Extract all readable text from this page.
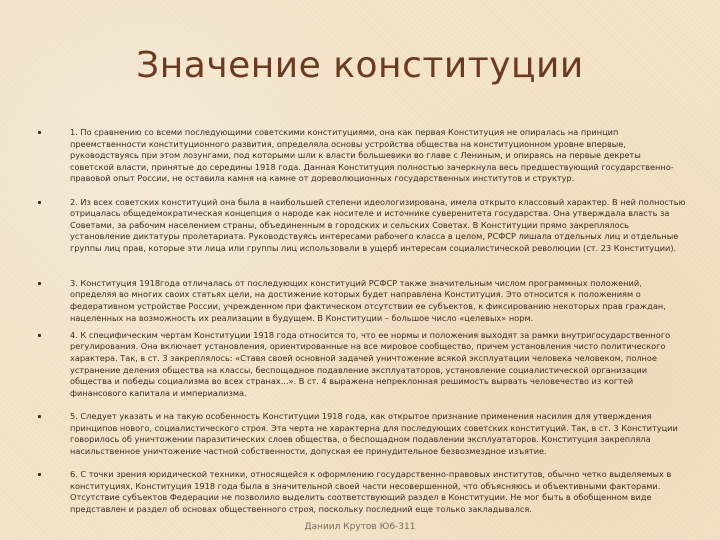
Значение конституции
1. По сравнению со всеми последующими советскими конституциями, она как первая Конституция не опиралась на принцип преемственности конституционного развития, определяла основы устройства общества на конституционном уровне впервые, руководствуясь при этом лозунгами, под которыми шли к власти большевики во главе с Лениным, и опираясь на первые декреты советской власти, принятые до середины 1918 года. Данная Конституция полностью зачеркнула весь предшествующий государственно-правовой опыт России, не оставила камня на камне от дореволюционных государственных институтов и структур.
2. Из всех советских конституций она была в наибольшей степени идеологизирована, имела открыто классовый характер. В ней полностью отрицалась общедемократическая концепция о народе как носителе и источнике суверенитета государства. Она утверждала власть за Советами, за рабочим населением страны, объединенным в городских и сельских Советах. В Конституции прямо закреплялось установление диктатуры пролетариата. Руководствуясь интересами рабочего класса в целом, РСФСР лишала отдельных лиц и отдельные группы лиц прав, которые эти лица или группы лиц использовали в ущерб интересам социалистической революции (ст. 23 Конституции).
3. Конституция 1918года отличалась от последующих конституций РСФСР также значительным числом программных положений, определяя во многих своих статьях цели, на достижение которых будет направлена Конституция. Это относится к положениям о федеративном устройстве России, учрежденном при фактическом отсутствии ее субъектов, к фиксированию некоторых прав граждан, нацеленных на возможность их реализации в будущем. В Конституции – большое число «целевых» норм.
4. К специфическим чертам Конституции 1918 года относится то, что ее нормы и положения выходят за рамки внутригосударственного регулирования. Она включает установления, ориентированные на все мировое сообщество, причем установления чисто политического характера. Так, в ст. 3 закреплялось: «Ставя своей основной задачей уничтожение всякой эксплуатации человека человеком, полное устранение деления общества на классы, беспощадное подавление эксплуататоров, установление социалистической организации общества и победы социализма во всех странах...». В ст. 4 выражена непреклонная решимость вырвать человечество из когтей финансового капитала и империализма.
5. Следует указать и на такую особенность Конституции 1918 года, как открытое признание применения насилия для утверждения принципов нового, социалистического строя. Эта черта не характерна для последующих советских конституций. Так, в ст. 3 Конституции говорилось об уничтожении паразитических слоев общества, о беспощадном подавлении эксплуататоров. Конституция закрепляла насильственное уничтожение частной собственности, допуская ее принудительное безвозмездное изъятие.
6. С точки зрения юридической техники, относящейся к оформлению государственно-правовых институтов, обычно четко выделяемых в конституциях, Конституция 1918 года была в значительной своей части несовершенной, что объясняюсь и объективными факторами. Отсутствие субъектов Федерации не позволило выделить соответствующий раздел в Конституции. Не мог быть в обобщенном виде представлен и раздел об основах общественного строя, поскольку последний еще только закладывался.
Даниил Крутов Ю6-311
